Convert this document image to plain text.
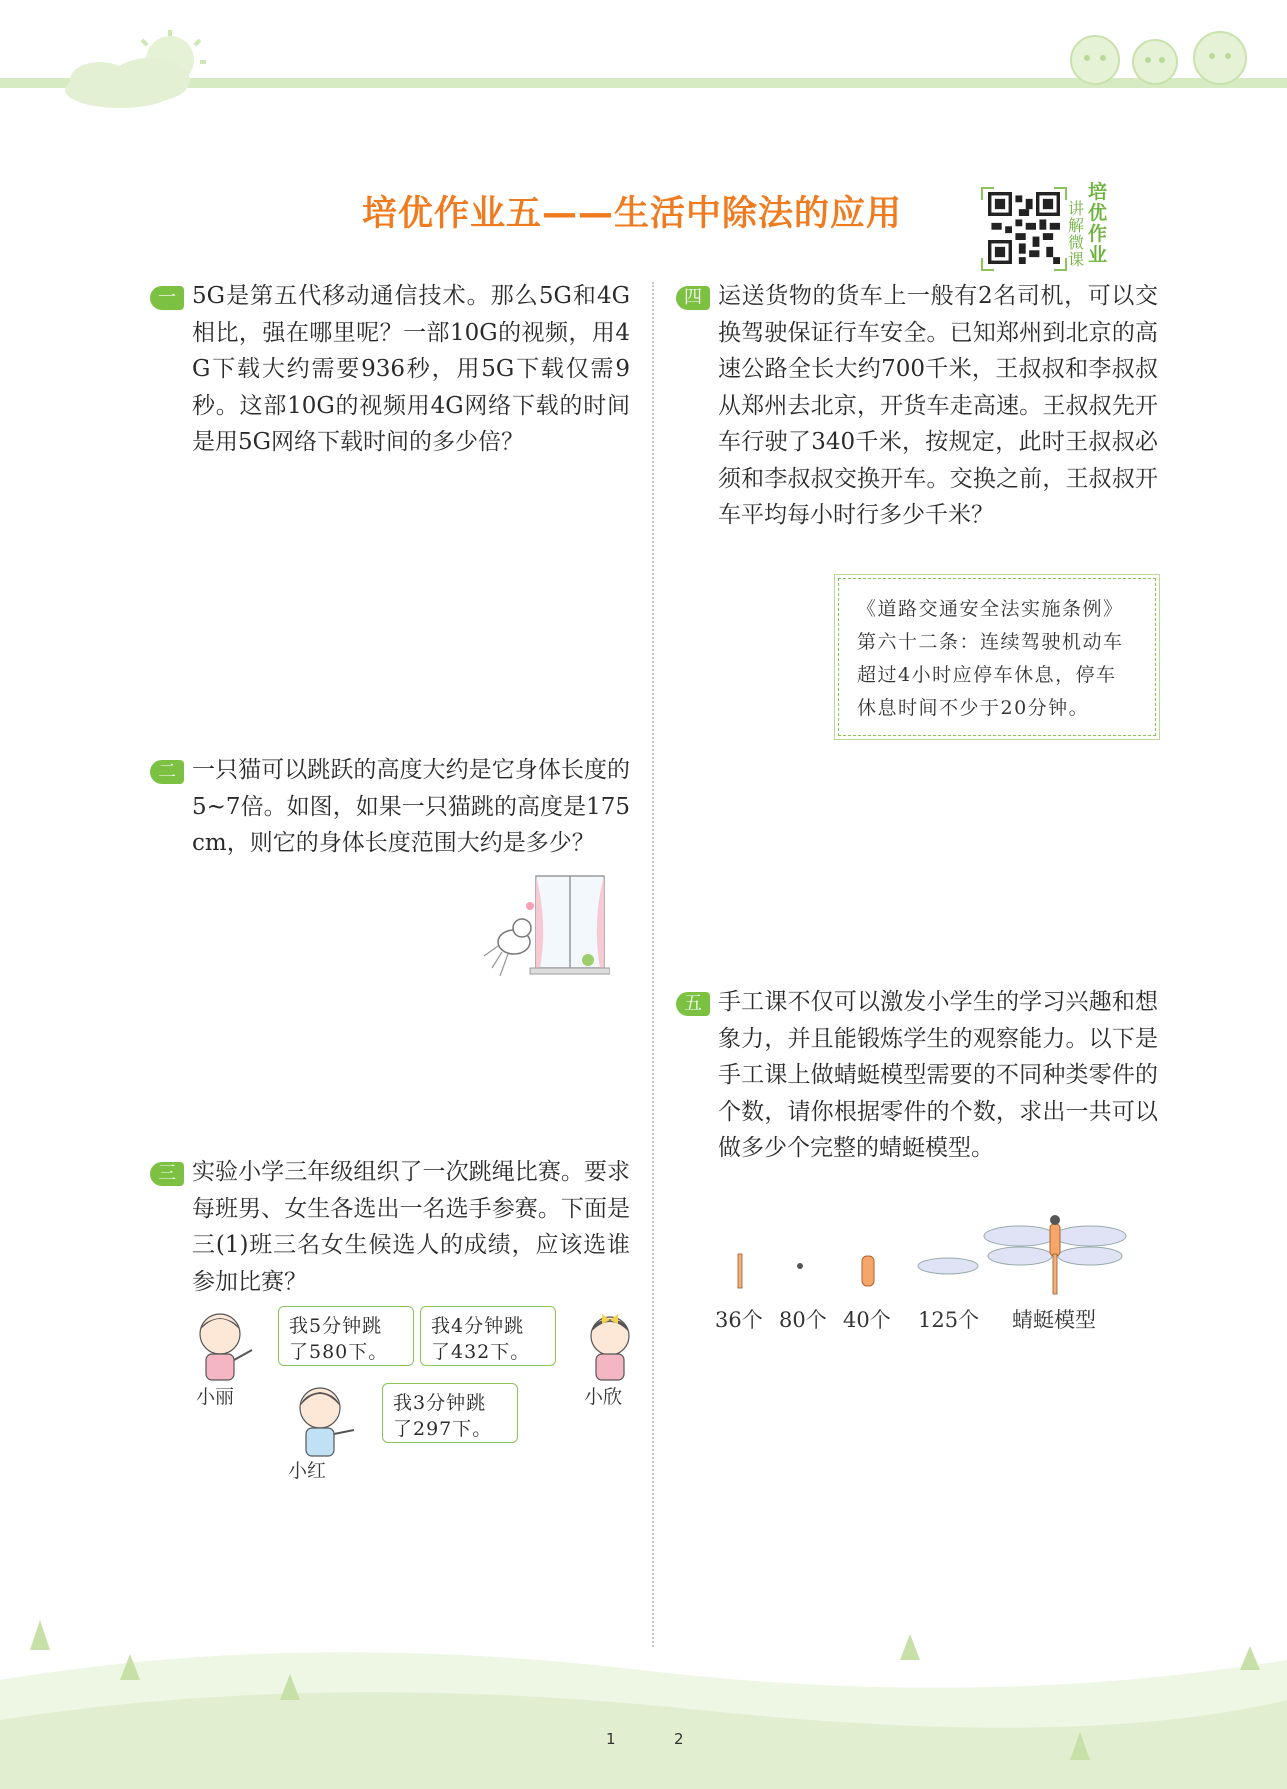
培优作业五——生活中除法的应用	讲解微课
培优作业
一 5G是第五代移动通信技术。那么5G和4G相比，强在哪里呢？一部10G的视频，用4G下载大约需要936秒，用5G下载仅需9秒。这部10G的视频用4G网络下载的时间是用5G网络下载时间的多少倍？
二 一只猫可以跳跃的高度大约是它身体长度的5~7倍。如图，如果一只猫跳的高度是175 cm，则它的身体长度范围大约是多少？
三 实验小学三年级组织了一次跳绳比赛。要求每班男、女生各选出一名选手参赛。下面是三(1)班三名女生候选人的成绩，应该选谁参加比赛？
我5分钟跳
了580下。
我4分钟跳
了432下。
我3分钟跳
了297下。
小丽
小红
小欣
四 运送货物的货车上一般有2名司机，可以交换驾驶保证行车安全。已知郑州到北京的高速公路全长大约700千米，王叔叔和李叔叔从郑州去北京，开货车走高速。王叔叔先开车行驶了340千米，按规定，此时王叔叔必须和李叔叔交换开车。交换之前，王叔叔开车平均每小时行多少千米？
《道路交通安全法实施条例》
第六十二条：连续驾驶机动车
超过4小时应停车休息，停车
休息时间不少于20分钟。
五 手工课不仅可以激发小学生的学习兴趣和想象力，并且能锻炼学生的观察能力。以下是手工课上做蜻蜓模型需要的不同种类零件的个数，请你根据零件的个数，求出一共可以做多少个完整的蜻蜓模型。
36个 80个 40个 125个 蜻蜓模型
1	2
